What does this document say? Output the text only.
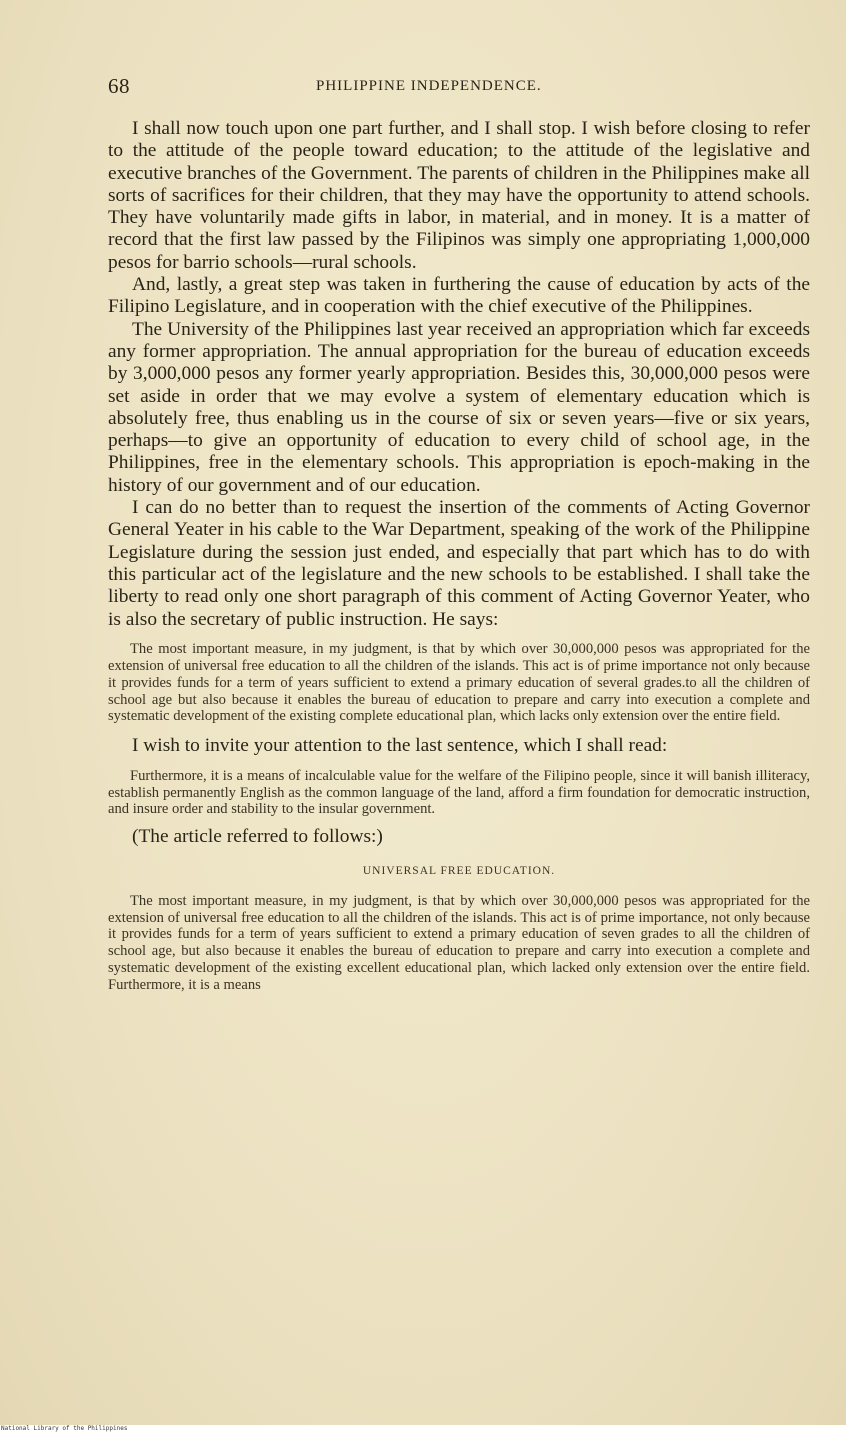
68	PHILIPPINE INDEPENDENCE.

I shall now touch upon one part further, and I shall stop. I wish before closing to refer to the attitude of the people toward education; to the attitude of the legislative and executive branches of the Government. The parents of children in the Philippines make all sorts of sacrifices for their children, that they may have the opportunity to attend schools. They have voluntarily made gifts in labor, in material, and in money. It is a matter of record that the first law passed by the Filipinos was simply one appropriating 1,000,000 pesos for barrio schools—rural schools.

And, lastly, a great step was taken in furthering the cause of education by acts of the Filipino Legislature, and in cooperation with the chief executive of the Philippines.

The University of the Philippines last year received an appropriation which far exceeds any former appropriation. The annual appropriation for the bureau of education exceeds by 3,000,000 pesos any former yearly appropriation. Besides this, 30,000,000 pesos were set aside in order that we may evolve a system of elementary education which is absolutely free, thus enabling us in the course of six or seven years—five or six years, perhaps—to give an opportunity of education to every child of school age, in the Philippines, free in the elementary schools. This appropriation is epoch-making in the history of our government and of our education.

I can do no better than to request the insertion of the comments of Acting Governor General Yeater in his cable to the War Department, speaking of the work of the Philippine Legislature during the session just ended, and especially that part which has to do with this particular act of the legislature and the new schools to be established. I shall take the liberty to read only one short paragraph of this comment of Acting Governor Yeater, who is also the secretary of public instruction. He says:

The most important measure, in my judgment, is that by which over 30,000,000 pesos was appropriated for the extension of universal free education to all the children of the islands. This act is of prime importance not only because it provides funds for a term of years sufficient to extend a primary education of several grades.to all the children of school age but also because it enables the bureau of education to prepare and carry into execution a complete and systematic development of the existing complete educational plan, which lacks only extension over the entire field.

I wish to invite your attention to the last sentence, which I shall read:

Furthermore, it is a means of incalculable value for the welfare of the Filipino people, since it will banish illiteracy, establish permanently English as the common language of the land, afford a firm foundation for democratic instruction, and insure order and stability to the insular government.

(The article referred to follows:)

UNIVERSAL FREE EDUCATION.

The most important measure, in my judgment, is that by which over 30,000,000 pesos was appropriated for the extension of universal free education to all the children of the islands. This act is of prime importance, not only because it provides funds for a term of years sufficient to extend a primary education of seven grades to all the children of school age, but also because it enables the bureau of education to prepare and carry into execution a complete and systematic development of the existing excellent educational plan, which lacked only extension over the entire field. Furthermore, it is a means

National Library of the Philippines
